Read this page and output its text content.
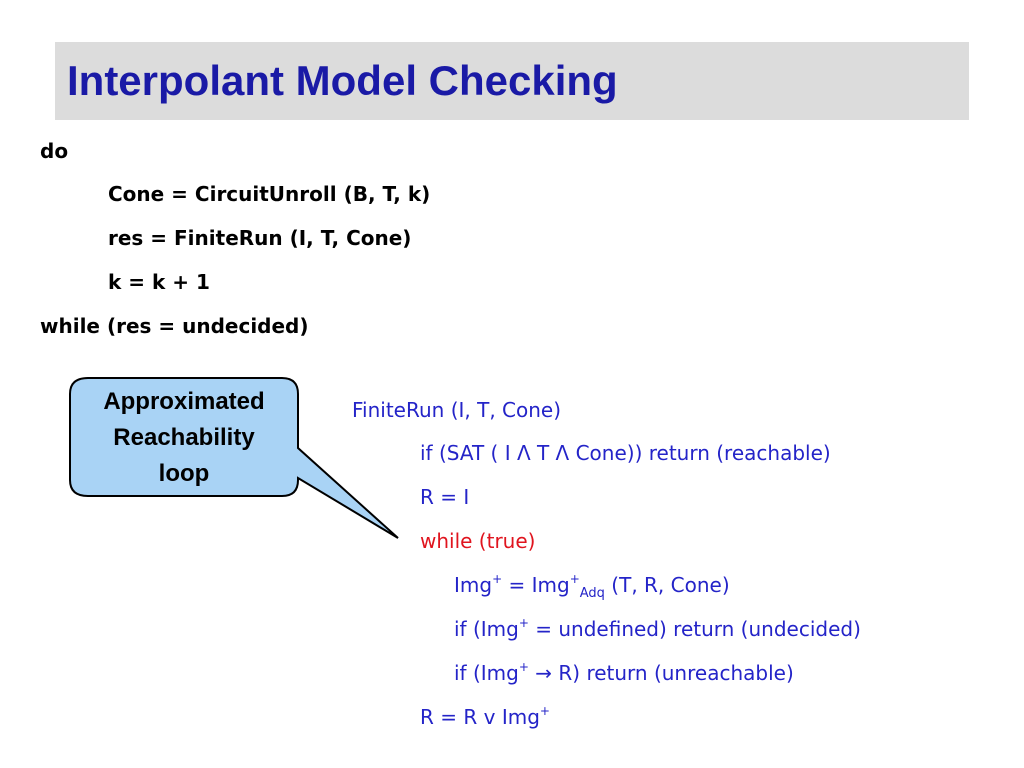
Interpolant Model Checking
do
Cone = CircuitUnroll (B, T, k)
res = FiniteRun (I, T, Cone)
k = k + 1
while (res = undecided)
Approximated
Reachability
loop
FiniteRun (I, T, Cone)
if (SAT ( I Λ T Λ Cone)) return (reachable)
R = I
while (true)
Img+ = Img+$_{Adq}$ (T, R, Cone)
if (Img+ = undefined) return (undecided)
if (Img+ → R) return (unreachable)
R = R v Img+
